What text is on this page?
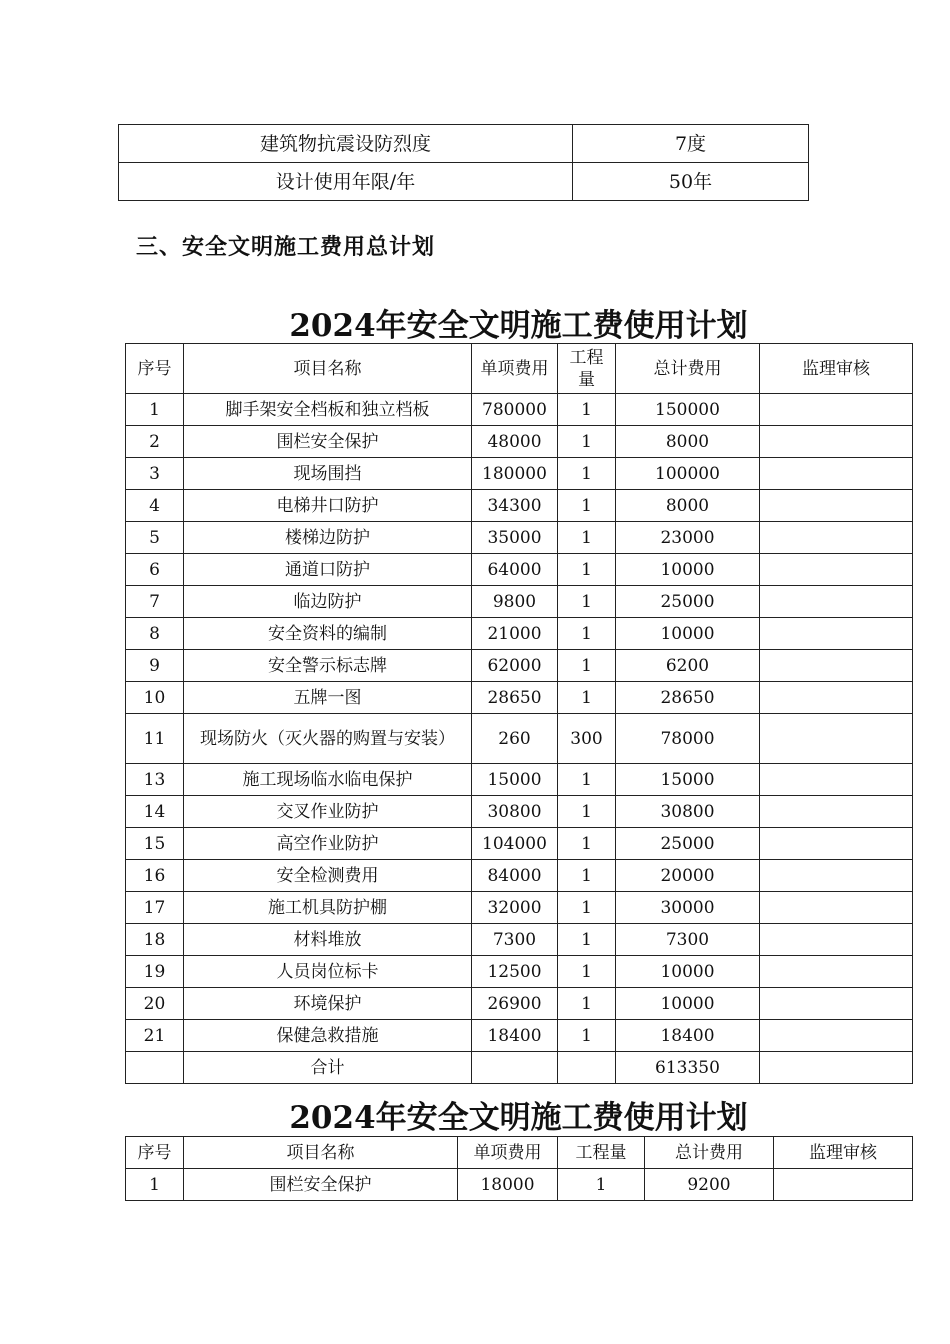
建筑物抗震设防烈度	7度
设计使用年限/年	50年
三、安全文明施工费用总计划
2024年安全文明施工费使用计划
序号	项目名称	单项费用	工程量	总计费用	监理审核
1	脚手架安全档板和独立档板	780000	1	150000	
2	围栏安全保护	48000	1	8000	
3	现场围挡	180000	1	100000	
4	电梯井口防护	34300	1	8000	
5	楼梯边防护	35000	1	23000	
6	通道口防护	64000	1	10000	
7	临边防护	9800	1	25000	
8	安全资料的编制	21000	1	10000	
9	安全警示标志牌	62000	1	6200	
10	五牌一图	28650	1	28650	
11	现场防火（灭火器的购置与安装）	260	300	78000	
13	施工现场临水临电保护	15000	1	15000	
14	交叉作业防护	30800	1	30800	
15	高空作业防护	104000	1	25000	
16	安全检测费用	84000	1	20000	
17	施工机具防护棚	32000	1	30000	
18	材料堆放	7300	1	7300	
19	人员岗位标卡	12500	1	10000	
20	环境保护	26900	1	10000	
21	保健急救措施	18400	1	18400	
	合计			613350	
2024年安全文明施工费使用计划
序号	项目名称	单项费用	工程量	总计费用	监理审核
1	围栏安全保护	18000	1	9200	
